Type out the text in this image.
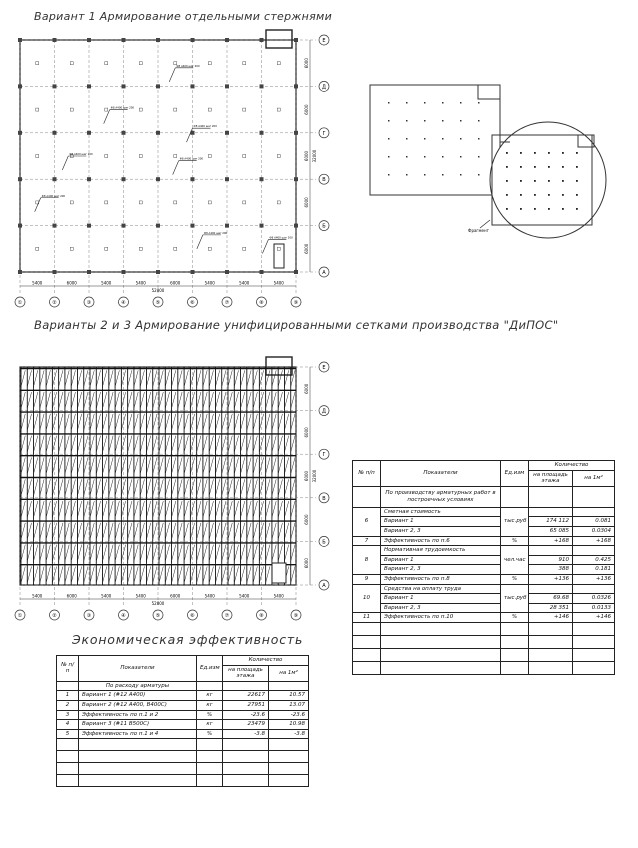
Вариант 1 Армирование отдельными стержнями
Варианты 2 и 3 Армирование унифицированными сетками производства "ДиПОС"
Экономическая эффективность
①	②	③	④	⑤	⑥	⑦	⑧	⑨
А
Б
В
Г
Д
Е
5400	6000	5400	5400	6000	5400	5400	5400
52000
6000
6000
6000
6000
6000
32000
Ф8 А400 шаг 200
Ф8 А400 шаг 200
Ф8 А400 шаг 200
Ф8 А400 шаг 200
Ф8 А400 шаг 200
Ф8 А400 шаг 200
Ф8 А400 шаг 200
Ф8 А400 шаг 200
Фрагмент
①	②	③	④	⑤	⑥	⑦	⑧	⑨
А
Б
В
Г
Д
Е
5400	6000	5400	5400	6000	5400	5400	5400
52000
6000
6000
6000
6000
6000
32000
№ п/п	Показатели	Ед.изм	Количество	
			на площадь этажа	на 1м²
	По расходу арматуры			
1	Вариант 1 (#12 А400)	кг	22617	10.57
2	Вариант 2 (#12 А400, В400С)	кг	27951	13.07
3	Эффективность по п.1 и 2	%	-23.6	-23.6
4	Вариант 3 (#11 В500С)	кг	23479	10.98
5	Эффективность по п.1 и 4	%	-3.8	-3.8

№ п/п	Показатели	Ед.изм	Количество	
			на площадь этажа	на 1м²
	По производству арматурных работ в построечных условиях			
6	Сметная стоимость	тыс.руб		
	Вариант 1		174 112	0.081
	Вариант 2, 3		65 085	0.0304
7	Эффективность по п.6	%	+168	+168
8	Нормативная трудоемкость	чел.час		
	Вариант 1		910	0.425
	Вариант 2, 3		388	0.181
9	Эффективность по п.8	%	+136	+136
10	Средства на оплату труда	тыс.руб		
	Вариант 1		69.68	0.0326
	Вариант 2, 3		28 351	0.0133
11	Эффективность по п.10	%	+146	+146
